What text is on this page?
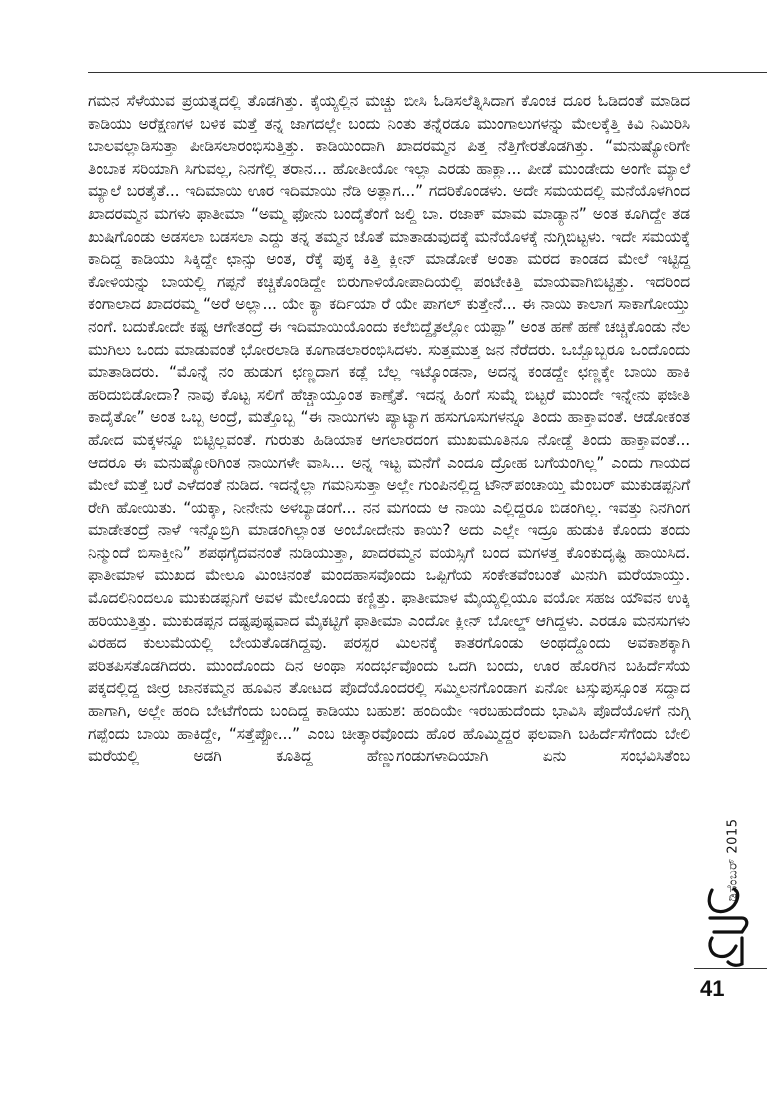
ಗಮನ ಸೆಳೆಯುವ ಪ್ರಯತ್ನದಲ್ಲಿ ತೊಡಗಿತ್ತು. ಕೈಯ್ಯಲ್ಲಿನ ಮಚ್ಚು ಬೀಸಿ ಓಡಿಸಲೆತ್ನಿಸಿದಾಗ ಕೊಂಚ ದೂರ ಓಡಿದಂತೆ ಮಾಡಿದ ಕಾಡಿಯು ಅರೆಕ್ಷಣಗಳ ಬಳಿಕ ಮತ್ತೆ ತನ್ನ ಜಾಗದಲ್ಲೇ ಬಂದು ನಿಂತು ತನ್ನೆರಡೂ ಮುಂಗಾಲುಗಳನ್ನು ಮೇಲಕ್ಕೆತ್ತಿ ಕಿವಿ ನಿಮಿರಿಸಿ ಬಾಲವಲ್ಲಾಡಿಸುತ್ತಾ ಪೀಡಿಸಲಾರಂಭಿಸುತ್ತಿತ್ತು. ಕಾಡಿಯಿಂದಾಗಿ ಖಾದರಮ್ಮನ ಪಿತ್ತ ನೆತ್ತಿಗೇರತೊಡಗಿತ್ತು. “ಮನುಷ್ಯೋರಿಗೇ ತಿಂಬಾಕ ಸರಿಯಾಗಿ ಸಿಗುವಲ್ಲ, ನಿನಗೆಲ್ಲಿ ತರಾನ... ಹೋತೀಯೋ ಇಲ್ಲಾ ಎರಡು ಹಾಕ್ಲಾ... ಪೀಡೆ ಮುಂಡೇದು ಅಂಗೇ ಮ್ಯಾಲೆ ಮ್ಯಾಲೆ ಬರತೈತೆ... ಇದಿಮಾಯಿ ಊರ ಇದಿಮಾಯಿ ನೆಡಿ ಅತ್ಲಾಗ...” ಗದರಿಕೊಂಡಳು. ಅದೇ ಸಮಯದಲ್ಲಿ ಮನೆಯೊಳಗಿಂದ ಖಾದರಮ್ಮನ ಮಗಳು ಫಾತೀಮಾ “ಅಮ್ಮ ಫೋನು ಬಂದೈತೆಂಗೆ ಜಲ್ದಿ ಬಾ. ರಜಾಕ್ ಮಾಮ ಮಾಡ್ಯಾನ” ಅಂತ ಕೂಗಿದ್ದೇ ತಡ ಖುಷಿಗೊಂಡು ಅಡಸಲಾ ಬಡಸಲಾ ಎದ್ದು ತನ್ನ ತಮ್ಮನ ಜೊತೆ ಮಾತಾಡುವುದಕ್ಕೆ ಮನೆಯೊಳಕ್ಕೆ ನುಗ್ಗಿಬಿಟ್ಟಳು. ಇದೇ ಸಮಯಕ್ಕೆ ಕಾದಿದ್ದ ಕಾಡಿಯು ಸಿಕ್ಕಿದ್ದೇ ಛಾನ್ಸು ಅಂತ, ರೆಕ್ಕೆ ಪುಕ್ಕ ಕಿತ್ತಿ ಕ್ಲೀನ್ ಮಾಡೋಕೆ ಅಂತಾ ಮರದ ಕಾಂಡದ ಮೇಲೆ ಇಟ್ಟಿದ್ದ ಕೋಳಿಯನ್ನು ಬಾಯಲ್ಲಿ ಗಪ್ಪನೆ ಕಚ್ಚಿಕೊಂಡಿದ್ದೇ ಬಿರುಗಾಳಿಯೋಪಾದಿಯಲ್ಲಿ ಪಂಟೇಕಿತ್ತಿ ಮಾಯವಾಗಿಬಿಟ್ಟಿತ್ತು. ಇದರಿಂದ ಕಂಗಾಲಾದ ಖಾದರಮ್ಮ “ಅರೆ ಅಲ್ಲಾ... ಯೇ ಕ್ಯಾ ಕರ್ದಿಯಾ ರೆ ಯೇ ಪಾಗಲ್ ಕುತ್ತೇನೆ... ಈ ನಾಯಿ ಕಾಲಾಗ ಸಾಕಾಗೋಯ್ತು ನಂಗೆ. ಬದುಕೋದೇ ಕಷ್ಟ ಆಗೇತಂದ್ರೆ ಈ ಇದಿಮಾಯಿಯೊಂದು ಕಲೆಬಿದ್ದೈತಲ್ಲೋ ಯಪ್ಪಾ” ಅಂತ ಹಣೆ ಹಣೆ ಚಚ್ಚಿಕೊಂಡು ನೆಲ ಮುಗಿಲು ಒಂದು ಮಾಡುವಂತೆ ಭೋರಲಾಡಿ ಕೂಗಾಡಲಾರಂಭಿಸಿದಳು. ಸುತ್ತಮುತ್ತ ಜನ ನೆರೆದರು. ಒಬ್ಬೊಬ್ಬರೂ ಒಂದೊಂದು ಮಾತಾಡಿದರು. “ಮೊನ್ನೆ ನಂ ಹುಡುಗ ಛಣ್ಣದಾಗ ಕಡ್ಲೆ ಬೆಲ್ಲ ಇಟ್ಕೊಂಡನಾ, ಅದನ್ನ ಕಂಡದ್ದೇ ಛಣ್ಣಕ್ಕೇ ಬಾಯಿ ಹಾಕಿ ಹರಿದುಬಿಡೋದಾ? ನಾವು ಕೊಟ್ಟ ಸಲಿಗೆ ಹೆಚ್ಚಾಯ್ತೂಂತ ಕಾಣ್ತೈತೆ. ಇದನ್ನ ಹಿಂಗೆ ಸುಮ್ನೆ ಬಿಟ್ಟರೆ ಮುಂದೇ ಇನ್ನೇನು ಫಜೀತಿ ಕಾದೈತೋ” ಅಂತ ಒಬ್ಬ ಅಂದ್ರೆ, ಮತ್ತೊಬ್ಬ “ಈ ನಾಯಿಗಳು ಪ್ಯಾಟ್ಯಾಗ ಹಸುಗೂಸುಗಳನ್ನೂ ತಿಂದು ಹಾಕ್ತಾವಂತೆ. ಆಡೋಕಂತ ಹೋದ ಮಕ್ಕಳನ್ನೂ ಬಿಟ್ಟಿಲ್ಲವಂತೆ. ಗುರುತು ಹಿಡಿಯಾಕ ಆಗಲಾರದಂಗ ಮುಖಮೂತಿನೂ ನೋಡ್ದೆ ತಿಂದು ಹಾಕ್ತಾವಂತೆ... ಆದರೂ ಈ ಮನುಷ್ಯೋರಿಗಿಂತ ನಾಯಿಗಳೇ ವಾಸಿ... ಅನ್ನ ಇಟ್ಟ ಮನೆಗೆ ಎಂದೂ ದ್ರೋಹ ಬಗೆಯಂಗಿಲ್ಲ” ಎಂದು ಗಾಯದ ಮೇಲೆ ಮತ್ತೆ ಬರೆ ಎಳೆದಂತೆ ನುಡಿದ. ಇದನ್ನೆಲ್ಲಾ ಗಮನಿಸುತ್ತಾ ಅಲ್ಲೇ ಗುಂಪಿನಲ್ಲಿದ್ದ ಟೌನ್‌ಪಂಚಾಯ್ತಿ ಮೆಂಬರ್ ಮುಕುಡಪ್ಪನಿಗೆ ರೇಗಿ ಹೋಯಿತು. “ಯಕ್ಕಾ, ನೀನೇನು ಅಳಬ್ಯಾಡಂಗೆ... ನನ ಮಗಂದು ಆ ನಾಯಿ ಎಲ್ಲಿದ್ದರೂ ಬಿಡಂಗಿಲ್ಲ. ಇವತ್ತು ನಿನಗಿಂಗ ಮಾಡೇತಂದ್ರೆ ನಾಳೆ ಇನ್ನೊಬ್ರಿಗಿ ಮಾಡಂಗಿಲ್ಲಾಂತ ಅಂಬೋದೇನು ಕಾಯಿ? ಅದು ಎಲ್ಲೇ ಇದ್ರೂ ಹುಡುಕಿ ಕೊಂದು ತಂದು ನಿನ್ಮುಂದೆ ಬಿಸಾಕ್ತೀನಿ” ಶಪಥಗೈದವನಂತೆ ನುಡಿಯುತ್ತಾ, ಖಾದರಮ್ಮನ ವಯಸ್ಸಿಗೆ ಬಂದ ಮಗಳತ್ತ ಕೊಂಕುದೃಷ್ಟಿ ಹಾಯಿಸಿದ. ಫಾತೀಮಾಳ ಮುಖದ ಮೇಲೂ ಮಿಂಚಿನಂತೆ ಮಂದಹಾಸವೊಂದು ಒಪ್ಪಿಗೆಯ ಸಂಕೇತವೆಂಬಂತೆ ಮಿನುಗಿ ಮರೆಯಾಯ್ತು. ಮೊದಲಿನಿಂದಲೂ ಮುಕುಡಪ್ಪನಿಗೆ ಅವಳ ಮೇಲೊಂದು ಕಣ್ಣಿತ್ತು. ಫಾತೀಮಾಳ ಮೈಯ್ಯಲ್ಲಿಯೂ ವಯೋ ಸಹಜ ಯೌವನ ಉಕ್ಕಿ ಹರಿಯುತ್ತಿತ್ತು. ಮುಕುಡಪ್ಪನ ದಷ್ಟಪುಷ್ಟವಾದ ಮೈಕಟ್ಟಿಗೆ ಫಾತೀಮಾ ಎಂದೋ ಕ್ಲೀನ್ ಬೋಲ್ಡ್ ಆಗಿದ್ದಳು. ಎರಡೂ ಮನಸುಗಳು ವಿರಹದ ಕುಲುಮೆಯಲ್ಲಿ ಬೇಯತೊಡಗಿದ್ದವು. ಪರಸ್ಪರ ಮಿಲನಕ್ಕೆ ಕಾತರಗೊಂಡು ಅಂಥದ್ದೊಂದು ಅವಕಾಶಕ್ಕಾಗಿ ಪರಿತಪಿಸತೊಡಗಿದರು. ಮುಂದೊಂದು ದಿನ ಅಂಥಾ ಸಂದರ್ಭವೊಂದು ಒದಗಿ ಬಂದು, ಊರ ಹೊರಗಿನ ಬಹಿರ್ದೆಸೆಯ ಪಕ್ಕದಲ್ಲಿದ್ದ ಜೀರ್ರ ಜಾನಕಮ್ಮನ ಹೂವಿನ ತೋಟದ ಪೊದೆಯೊಂದರಲ್ಲಿ ಸಮ್ಮಿಲನಗೊಂಡಾಗ ಏನೋ ಟಸ್ಸುಪುಸ್ಸೂಂತ ಸದ್ದಾದ ಹಾಗಾಗಿ, ಅಲ್ಲೇ ಹಂದಿ ಬೇಟೆಗೆಂದು ಬಂದಿದ್ದ ಕಾಡಿಯು ಬಹುಶ: ಹಂದಿಯೇ ಇರಬಹುದೆಂದು ಭಾವಿಸಿ ಪೊದೆಯೊಳಗೆ ನುಗ್ಗಿ ಗಪ್ಪೆಂದು ಬಾಯಿ ಹಾಕಿದ್ದೇ, “ಸತ್ತೆಪ್ಪೋ...” ಎಂಬ ಚೀತ್ಕಾರವೊಂದು ಹೊರ ಹೊಮ್ಮಿದ್ದರ ಫಲವಾಗಿ ಬಹಿರ್ದೆಸೆಗೆಂದು ಬೇಲಿ ಮರೆಯಲ್ಲಿ ಅಡಗಿ ಕೂತಿದ್ದ ಹೆಣ್ಣುಗಂಡುಗಳಾದಿಯಾಗಿ ಏನು ಸಂಭವಿಸಿತೆಂಬ

ಡಿಸೆಂಬರ್ 2015
41
